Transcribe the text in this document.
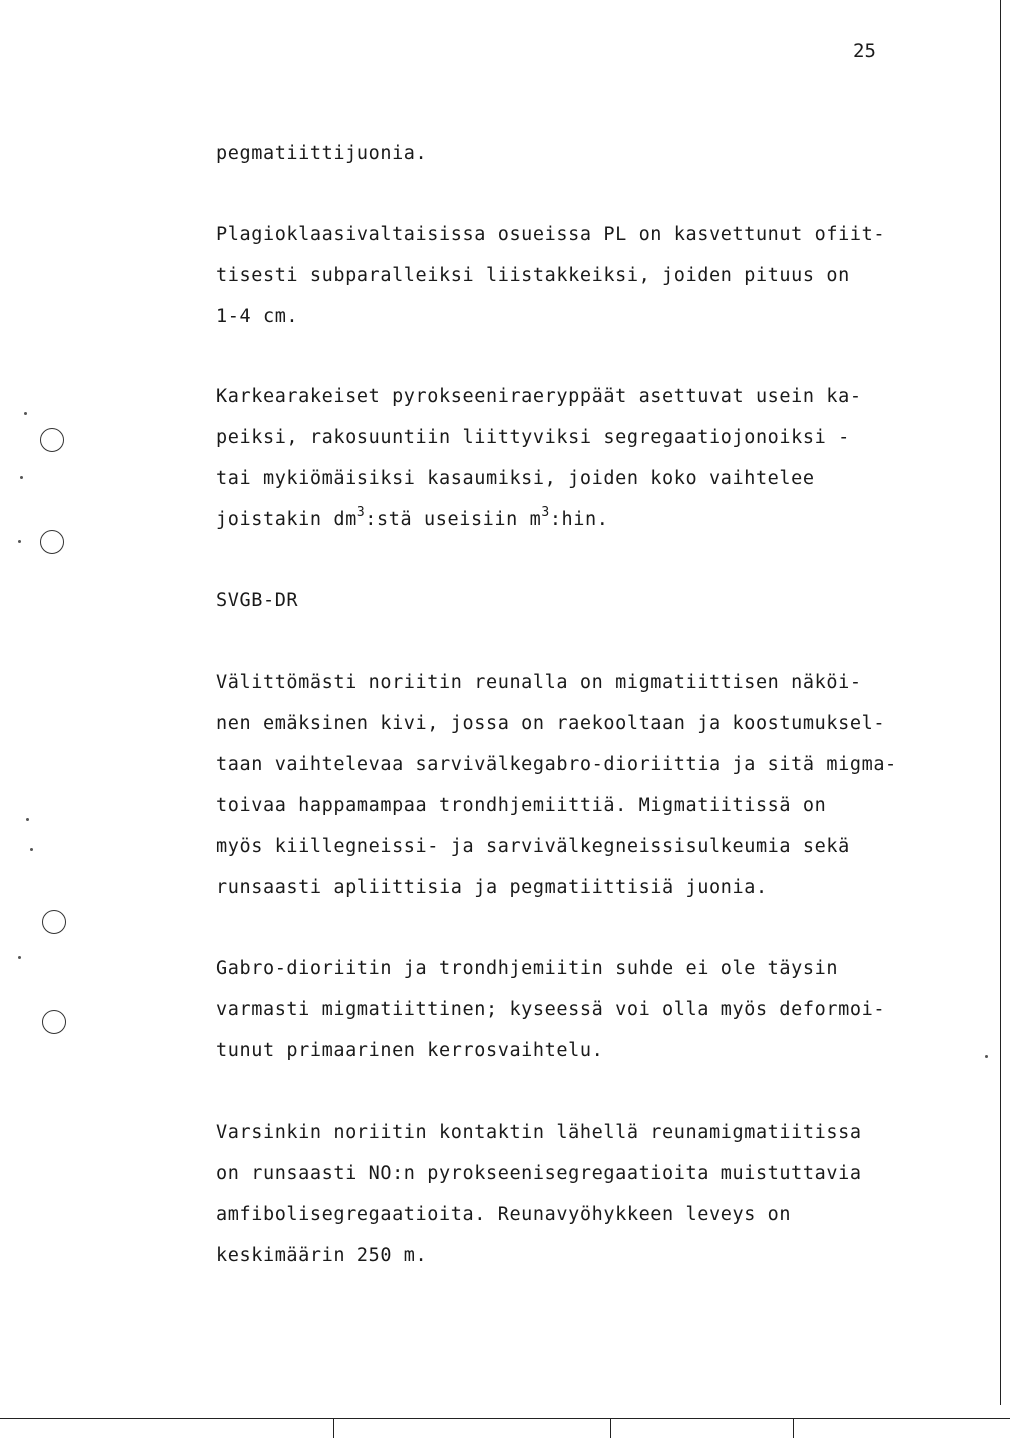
25
pegmatiittijuonia.
Plagioklaasivaltaisissa osueissa PL on kasvettunut ofiit-
tisesti subparalleiksi liistakkeiksi, joiden pituus on
1-4 cm.
Karkearakeiset pyrokseeniraeryppäät asettuvat usein ka-
peiksi, rakosuuntiin liittyviksi segregaatiojonoiksi -
tai mykiömäisiksi kasaumiksi, joiden koko vaihtelee
joistakin $dm^3:stä$ useisiin $m^3:hin$.
SVGB-DR
Välittömästi noriitin reunalla on migmatiittisen näköi-
nen emäksinen kivi, jossa on raekooltaan ja koostumuksel-
taan vaihtelevaa sarvivälkegabro-dioriittia ja sitä migma-
toivaa happamampaa trondhjemiittiä. Migmatiitissä on
myös kiillegneissi- ja sarvivälkegneissisulkeumia sekä
runsaasti apliittisia ja pegmatiittisiä juonia.
Gabro-dioriitin ja trondhjemiitin suhde ei ole täysin
varmasti migmatiittinen; kyseessä voi olla myös deformoi-
tunut primaarinen kerrosvaihtelu.
Varsinkin noriitin kontaktin lähellä reunamigmatiitissa
on runsaasti NO:n pyrokseenisegregaatioita muistuttavia
amfibolisegregaatioita. Reunavyöhykkeen leveys on
keskimäärin 250 m.
